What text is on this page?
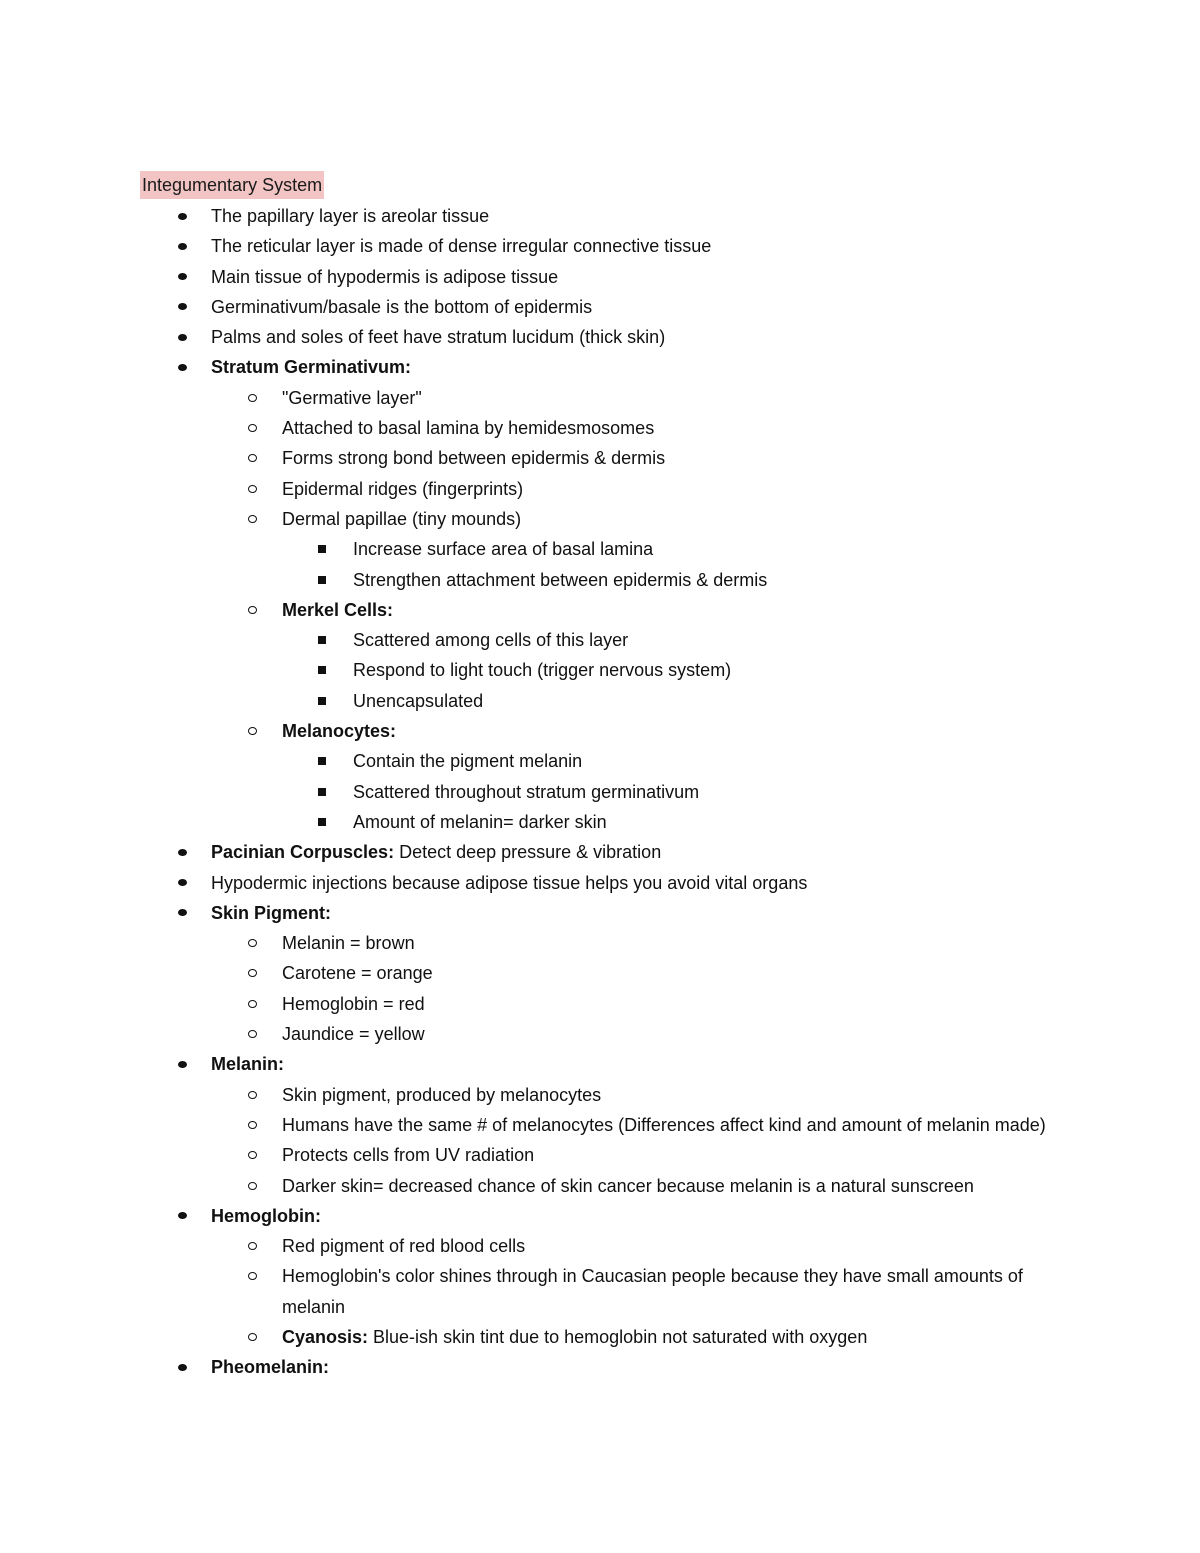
Integumentary System
The papillary layer is areolar tissue
The reticular layer is made of dense irregular connective tissue
Main tissue of hypodermis is adipose tissue
Germinativum/basale is the bottom of epidermis
Palms and soles of feet have stratum lucidum (thick skin)
Stratum Germinativum:
"Germative layer"
Attached to basal lamina by hemidesmosomes
Forms strong bond between epidermis & dermis
Epidermal ridges (fingerprints)
Dermal papillae (tiny mounds)
Increase surface area of basal lamina
Strengthen attachment between epidermis & dermis
Merkel Cells:
Scattered among cells of this layer
Respond to light touch (trigger nervous system)
Unencapsulated
Melanocytes:
Contain the pigment melanin
Scattered throughout stratum germinativum
Amount of melanin= darker skin
Pacinian Corpuscles: Detect deep pressure & vibration
Hypodermic injections because adipose tissue helps you avoid vital organs
Skin Pigment:
Melanin = brown
Carotene = orange
Hemoglobin = red
Jaundice = yellow
Melanin:
Skin pigment, produced by melanocytes
Humans have the same # of melanocytes (Differences affect kind and amount of melanin made)
Protects cells from UV radiation
Darker skin= decreased chance of skin cancer because melanin is a natural sunscreen
Hemoglobin:
Red pigment of red blood cells
Hemoglobin's color shines through in Caucasian people because they have small amounts of melanin
Cyanosis: Blue-ish skin tint due to hemoglobin not saturated with oxygen
Pheomelanin:
